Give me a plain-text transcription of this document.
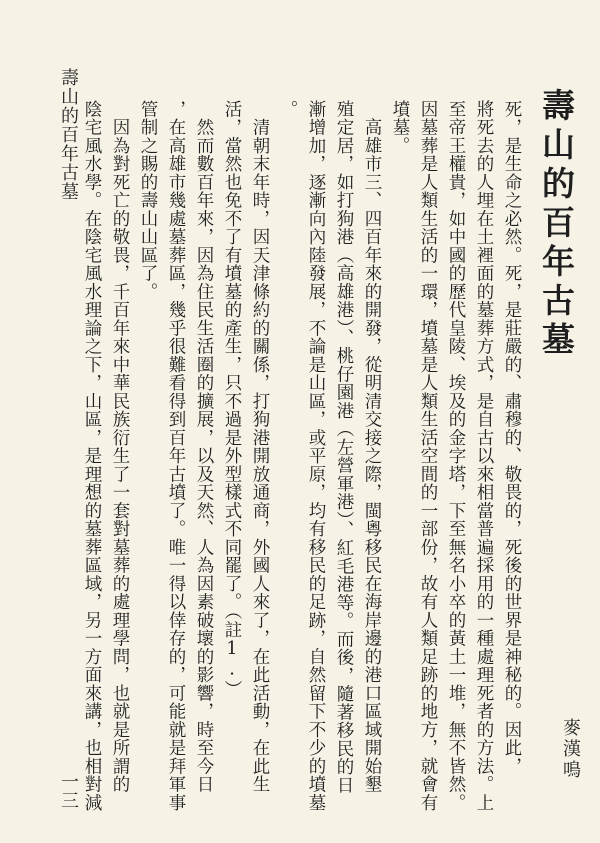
壽山的百年古墓
麥漢鳴
死，是生命之必然。死，是莊嚴的、肅穆的、敬畏的，死後的世界是神秘的。因此，
將死去的人埋在土裡面的墓葬方式，是自古以來相當普遍採用的一種處理死者的方法。上
至帝王權貴，如中國的歷代皇陵、埃及的金字塔，下至無名小卒的黃土一堆，無不皆然。
因墓葬是人類生活的一環，墳墓是人類生活空間的一部份，故有人類足跡的地方，就會有
墳墓。
　高雄市三、四百年來的開發，從明清交接之際，閩粵移民在海岸邊的港口區域開始墾
殖定居，如打狗港（高雄港）、桃仔園港（左營軍港）、紅毛港等。而後，隨著移民的日
漸增加，逐漸向內陸發展，不論是山區，或平原，均有移民的足跡，自然留下不少的墳墓
。
　清朝末年時，因天津條約的關係，打狗港開放通商，外國人來了，在此活動，在此生
活，當然也免不了有墳墓的產生，只不過是外型樣式不同罷了。（註1.）
　然而數百年來，因為住民生活圈的擴展，以及天然、人為因素破壞的影響，時至今日
，在高雄市幾處墓葬區，幾乎很難看得到百年古墳了。唯一得以倖存的，可能就是拜軍事
管制之賜的壽山山區了。
　因為對死亡的敬畏，千百年來中華民族衍生了一套對墓葬的處理學問，也就是所謂的
陰宅風水學。在陰宅風水理論之下，山區，是理想的墓葬區域，另一方面來講，也相對減
壽山的百年古墓
一三
